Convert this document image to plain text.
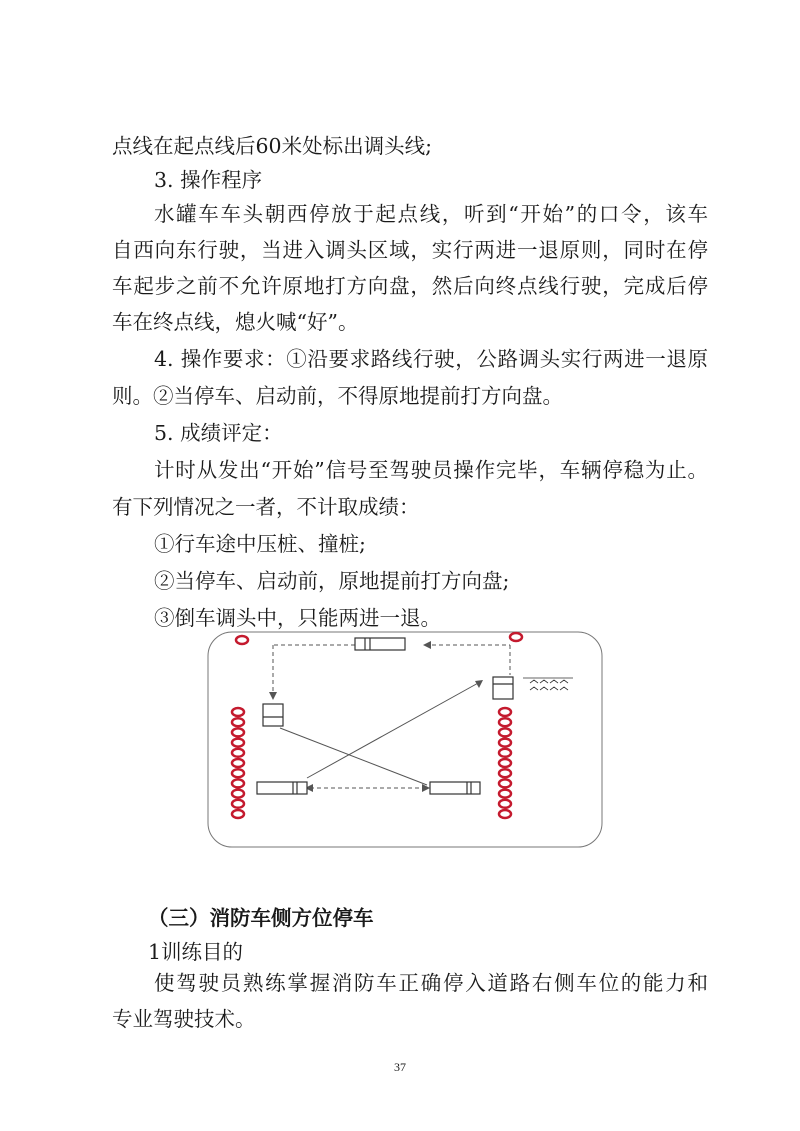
点线在起点线后60米处标出调头线;
3. 操作程序
水罐车车头朝西停放于起点线，听到“开始”的口令，该车
自西向东行驶，当进入调头区域，实行两进一退原则，同时在停
车起步之前不允许原地打方向盘，然后向终点线行驶，完成后停
车在终点线，熄火喊“好”。
4. 操作要求：①沿要求路线行驶，公路调头实行两进一退原
则。②当停车、启动前，不得原地提前打方向盘。
5. 成绩评定：
计时从发出“开始”信号至驾驶员操作完毕，车辆停稳为止。
有下列情况之一者，不计取成绩：
①行车途中压桩、撞桩;
②当停车、启动前，原地提前打方向盘;
③倒车调头中，只能两进一退。
（三）消防车侧方位停车
1训练目的
使驾驶员熟练掌握消防车正确停入道路右侧车位的能力和
专业驾驶技术。
37
